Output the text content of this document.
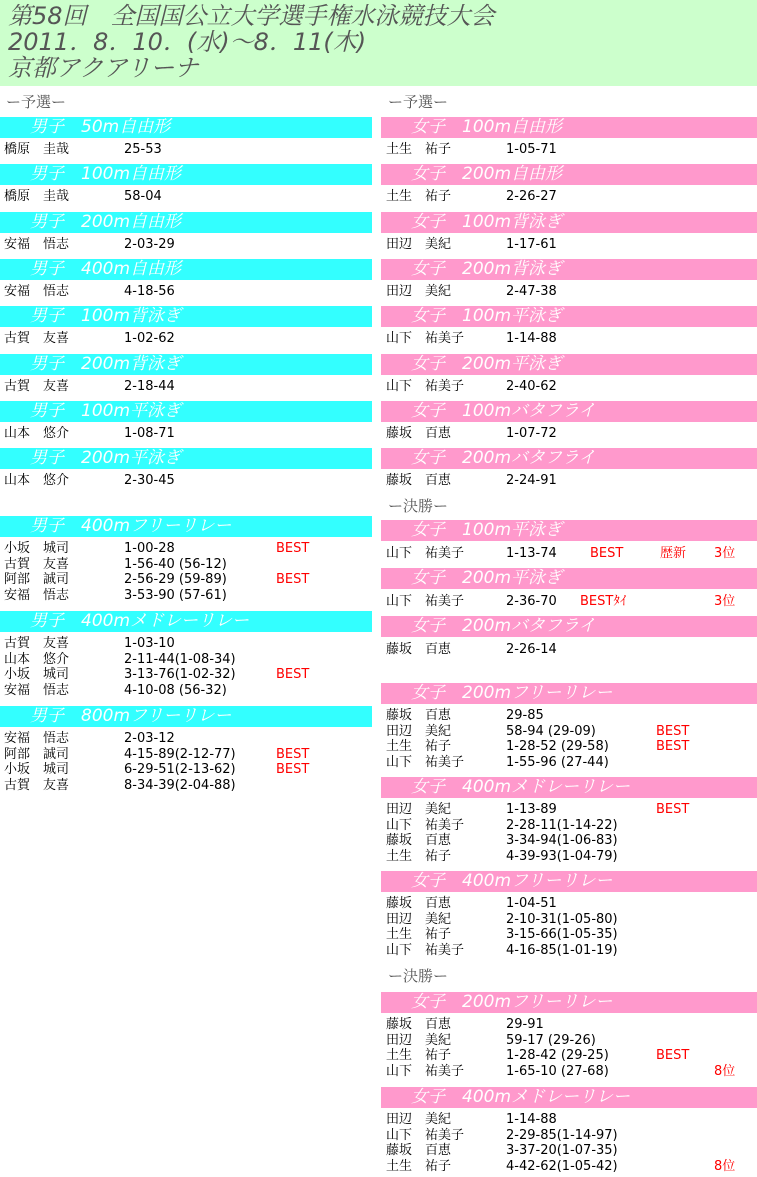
第58回　全国国公立大学選手権水泳競技大会
2011．8．10．(水)～8．11(木)
京都アクアリーナ
ー予選ー
男子　50m自由形
橋原　圭哉	25-53
男子　100m自由形
橋原　圭哉	58-04
男子　200m自由形
安福　悟志	2-03-29
男子　400m自由形
安福　悟志	4-18-56
男子　100m背泳ぎ
古賀　友喜	1-02-62
男子　200m背泳ぎ
古賀　友喜	2-18-44
男子　100m平泳ぎ
山本　悠介	1-08-71
男子　200m平泳ぎ
山本　悠介	2-30-45
男子　400mフリーリレー
小坂　城司	1-00-28	BEST
古賀　友喜	1-56-40 (56-12)
阿部　誠司	2-56-29 (59-89)	BEST
安福　悟志	3-53-90 (57-61)
男子　400mメドレーリレー
古賀　友喜	1-03-10
山本　悠介	2-11-44(1-08-34)
小坂　城司	3-13-76(1-02-32)	BEST
安福　悟志	4-10-08 (56-32)
男子　800mフリーリレー
安福　悟志	2-03-12
阿部　誠司	4-15-89(2-12-77)	BEST
小坂　城司	6-29-51(2-13-62)	BEST
古賀　友喜	8-34-39(2-04-88)
ー予選ー
女子　100m自由形
土生　祐子	1-05-71
女子　200m自由形
土生　祐子	2-26-27
女子　100m背泳ぎ
田辺　美紀	1-17-61
女子　200m背泳ぎ
田辺　美紀	2-47-38
女子　100m平泳ぎ
山下　祐美子	1-14-88
女子　200m平泳ぎ
山下　祐美子	2-40-62
女子　100mバタフライ
藤坂　百恵	1-07-72
女子　200mバタフライ
藤坂　百恵	2-24-91
ー決勝ー
女子　100m平泳ぎ
山下　祐美子	1-13-74	BEST	歴新 3位
女子　200m平泳ぎ
山下　祐美子	2-36-70 BESTﾀｲ	3位
女子　200mバタフライ
藤坂　百恵	2-26-14
女子　200mフリーリレー
藤坂　百恵	29-85
田辺　美紀	58-94 (29-09)	BEST
土生　祐子	1-28-52 (29-58)	BEST
山下　祐美子	1-55-96 (27-44)
女子　400mメドレーリレー
田辺　美紀	1-13-89	BEST
山下　祐美子	2-28-11(1-14-22)
藤坂　百恵	3-34-94(1-06-83)
土生　祐子	4-39-93(1-04-79)
女子　400mフリーリレー
藤坂　百恵	1-04-51
田辺　美紀	2-10-31(1-05-80)
土生　祐子	3-15-66(1-05-35)
山下　祐美子	4-16-85(1-01-19)
ー決勝ー
女子　200mフリーリレー
藤坂　百恵	29-91
田辺　美紀	59-17 (29-26)
土生　祐子	1-28-42 (29-25)	BEST
山下　祐美子	1-65-10 (27-68)	8位
女子　400mメドレーリレー
田辺　美紀	1-14-88
山下　祐美子	2-29-85(1-14-97)
藤坂　百恵	3-37-20(1-07-35)
土生　祐子	4-42-62(1-05-42)	8位
